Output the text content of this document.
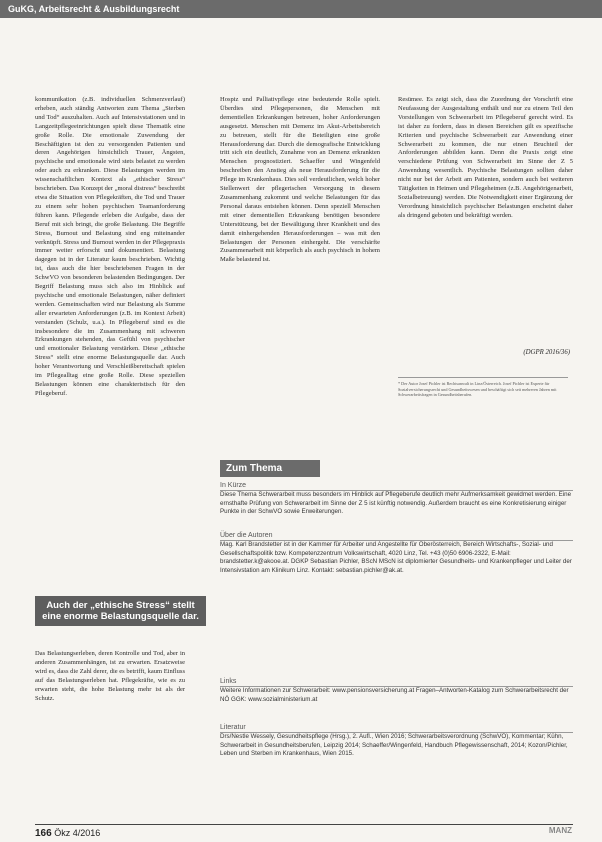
GuKG, Arbeitsrecht & Ausbildungsrecht

kommunikation (z.B. individuellen Schmerzverlauf) erheben, auch ständig Antworten zum Thema „Sterben und Tod“ auszuhalten. Auch auf Intensivstationen und in Langzeitpflegeeinrichtungen spielt diese Thematik eine große Rolle. Die emotionale Zuwendung der Beschäftigten ist den zu versorgenden Patienten und deren Angehörigen hinsichtlich Trauer, Ängsten, psychische und emotionale wird stets belastet zu werden oder auch zu erkranken. Diese Belastungen werden im wissenschaftlichen Kontext als „ethischer Stress“ beschrieben. Das Konzept der „moral distress“ beschreibt etwa die Situation von Pflegekräften, die Tod und Trauer zu einem sehr hohen psychischen Teamanforderung führen kann. Pflegende erleben die Aufgabe, dass der Beruf mit sich bringt, die große Belastung. Die Begriffe Stress, Burnout und Belastung sind eng miteinander verknüpft. Stress und Burnout werden in der Pflegepraxis immer weiter erforscht und dokumentiert. Belastung dagegen ist in der Literatur kaum beschrieben. Wichtig ist, dass auch die hier beschriebenen Fragen in der SchwVO von besonderen belastenden Bedingungen. Der Begriff Belastung muss sich also im Hinblick auf psychische und emotionale Belastungen, näher definiert werden. Gemeinschaften wird nur Belastung als Summe aller erwarteten Anforderungen (z.B. im Kontext Arbeit) verstanden (Schulz, u.a.). In Pflegeberuf sind es die insbesondere die im Zusammenhang mit schweren Erkrankungen stehenden, das Gefühl von psychischer und emotionaler Belastung verstärken. Diese „ethische Stress“ stellt eine enorme Belastungsquelle dar. Auch hoher Verantwortung und Verschleißbereitschaft spielen im Pflegealltag eine große Rolle. Diese speziellen Belastungen können eine charakteristisch für den Pflegeberuf.

Auch der „ethische Stress“ stellt eine enorme Belastungsquelle dar.

Das Belastungserleben, deren Kontrolle und Tod, aber in anderen Zusammenhängen, ist zu erwarten. Ersatzweise wird es, dass die Zahl derer, die es betrifft, kaum Einfluss auf das Belastungserleben hat. Pflegekräfte, wie es zu erwarten steht, die hohe Belastung mehr ist als der Schutz.

Hospiz und Palliativpflege eine bedeutende Rolle spielt. Überdies sind Pflegepersonen, die Menschen mit dementiellen Erkrankungen betreuen, hoher Anforderungen ausgesetzt. Menschen mit Demenz im Akut-Arbeitsbereich zu betreuen, stellt für die Beteiligten eine große Herausforderung dar. Durch die demografische Entwicklung tritt sich ein deutlich, Zunahme von an Demenz erkrankten Menschen prognostiziert. Schaeffer und Wingenfeld beschreiben den Anstieg als neue Herausforderung für die Pflege im Krankenhaus. Dies soll verdeutlichen, welch hoher Stellenwert der pflegerischen Versorgung in diesem Zusammenhang zukommt und welche Belastungen für das Personal daraus entstehen können. Denn speziell Menschen mit einer dementiellen Erkrankung benötigen besondere Unterstützung, bei der Bewältigung ihrer Krankheit und des damit einhergehenden Herausforderungen – was mit den Belastungen der Personen einhergeht. Die verschärfte Zusammenarbeit mit körperlich als auch psychisch in hohem Maße belastend ist.

Resümee. Es zeigt sich, dass die Zuordnung der Vorschrift eine Neufassung der Ausgestaltung enthält und nur zu einem Teil den Vorstellungen von Schwerarbeit im Pflegeberuf gerecht wird. Es ist daher zu fordern, dass in diesen Bereichen gilt es spezifische Kriterien und psychische Schwerarbeit zur Anwendung einer Schwerarbeit zu kommen, die nur einen Bruchteil der Anforderungen abbilden kann. Denn die Praxis zeigt eine verschiedene Prüfung von Schwerarbeit im Sinne der Z 5 Anwendung wesentlich. Psychische Belastungen sollten daher nicht nur bei der Arbeit am Patienten, sondern auch bei weiteren Tätigkeiten in Heimen und Pflegeheimen (z.B. Angehörigenarbeit, Sozialbetreuung) werden. Die Notwendigkeit einer Ergänzung der Verordnung hinsichtlich psychischer Belastungen erscheint daher als dringend geboten und bekräftigt werden.

(DGPR 2016/36)
* Der Autor Josef Pichler ist Rechtsanwalt in Linz/Österreich. Josef Pichler ist Experte für Sozialversicherungsrecht und Gesundheitswesen und beschäftigt sich seit mehreren Jahren mit Schwerarbeitsfragen in Gesundheitsberufen.
Zum Thema
In Kürze
Diese Thema Schwerarbeit muss besonders im Hinblick auf Pflegeberufe deutlich mehr Aufmerksamkeit gewidmet werden. Eine ernsthafte Prüfung von Schwerarbeit im Sinne der Z 5 ist künftig notwendig. Außerdem braucht es eine Konkretisierung einiger Punkte in der SchwVO sowie Erweiterungen.
Über die Autoren
Mag. Karl Brandstetter ist in der Kammer für Arbeiter und Angestellte für Oberösterreich, Bereich Wirtschafts-, Sozial- und Gesellschaftspolitik bzw. Kompetenzzentrum Volkswirtschaft, 4020 Linz, Tel. +43 (0)50 6906-2322, E-Mail: brandstetter.k@akooe.at. DGKP Sebastian Pichler, BScN MScN ist diplomierter Gesundheits- und Krankenpfleger und Leiter der Intensivstation am Klinikum Linz. Kontakt: sebastian.pichler@ak.at.
Links
Weitere Informationen zur Schwerarbeit: www.pensionsversicherung.at Fragen–Antworten-Katalog zum Schwerarbeitsrecht der NÖ GGK: www.sozialministerium.at
Literatur
Drs/Nestle Wessely, Gesundheitspflege (Hrsg.), 2. Aufl., Wien 2016; Schwerarbeitsverordnung (SchwVO), Kommentar; Kühn, Schwerarbeit in Gesundheitsberufen, Leipzig 2014; Schaeffer/Wingenfeld, Handbuch Pflegewissenschaft, 2014; Kozon/Pichler, Leben und Sterben im Krankenhaus, Wien 2015.
166 Ökz 4/2016	MANZ
